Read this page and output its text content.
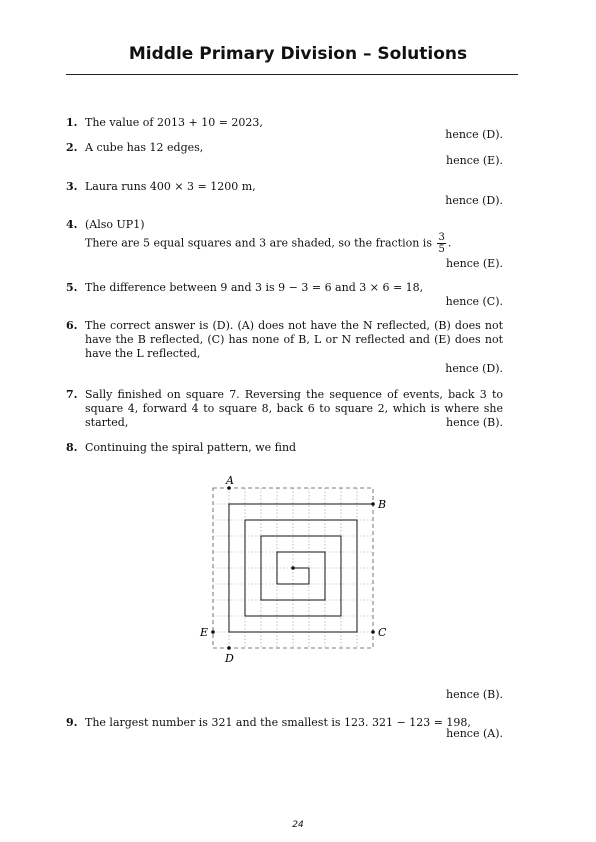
Middle Primary Division – Solutions
1. The value of 2013 + 10 = 2023,
hence (D).
2. A cube has 12 edges,
hence (E).
3. Laura runs 400 × 3 = 1200 m,
hence (D).
4. (Also UP1)
There are 5 equal squares and 3 are shaded, so the fraction is $\frac{3}{5}$ .
hence (E).
5. The difference between 9 and 3 is 9 − 3 = 6 and 3 × 6 = 18,
hence (C).
6. The correct answer is (D). (A) does not have the N reflected, (B) does not have the B reflected, (C) has none of B, L or N reflected and (E) does not have the L reflected,
hence (D).
7. Sally finished on square 7. Reversing the sequence of events, back 3 to square 4, forward 4 to square 8, back 6 to square 2, which is where she started,	hence (B).
8. Continuing the spiral pattern, we find
hence (B).
A
B
C
D
E
9. The largest number is 321 and the smallest is 123. 321 − 123 = 198,
hence (A).
24
